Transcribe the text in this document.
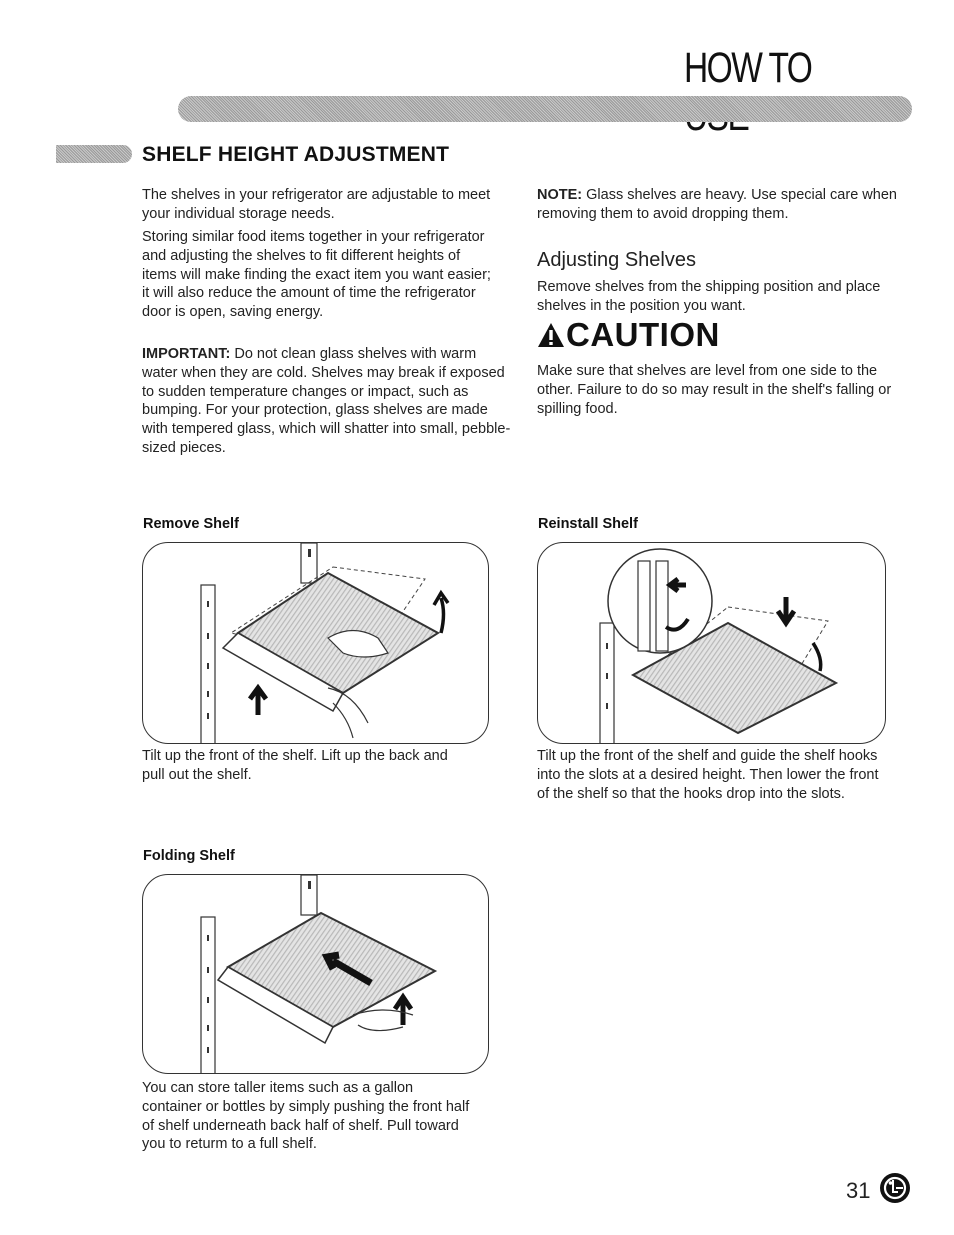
HOW TO
SHELF HEIGHT ADJUSTMENT

The shelves in your refrigerator are adjustable to meet your individual storage needs.

Storing similar food items together in your refrigerator and adjusting the shelves to fit different heights of items will make finding the exact item you want easier; it will also reduce the amount of time the refrigerator door is open, saving energy.

IMPORTANT: Do not clean glass shelves with warm water when they are cold. Shelves may break if exposed to sudden temperature changes or impact, such as bumping. For your protection, glass shelves are made with tempered glass, which will shatter into small, pebble-sized pieces.

NOTE: Glass shelves are heavy. Use special care when removing them to avoid dropping them.

Adjusting Shelves

Remove shelves from the shipping position and place shelves in the position you want.

CAUTION

Make sure that shelves are level from one side to the other. Failure to do so may result in the shelf's falling or spilling food.

Remove Shelf

Tilt up the front of the shelf. Lift up the back and pull out the shelf.

Reinstall Shelf

Tilt up the front of the shelf and guide the shelf hooks into the slots at a desired height. Then lower the front of the shelf so that the hooks drop into the slots.

Folding Shelf

You can store taller items such as a gallon container or bottles by simply pushing the front half of shelf underneath back half of shelf. Pull toward you to returm to a full shelf.

31
